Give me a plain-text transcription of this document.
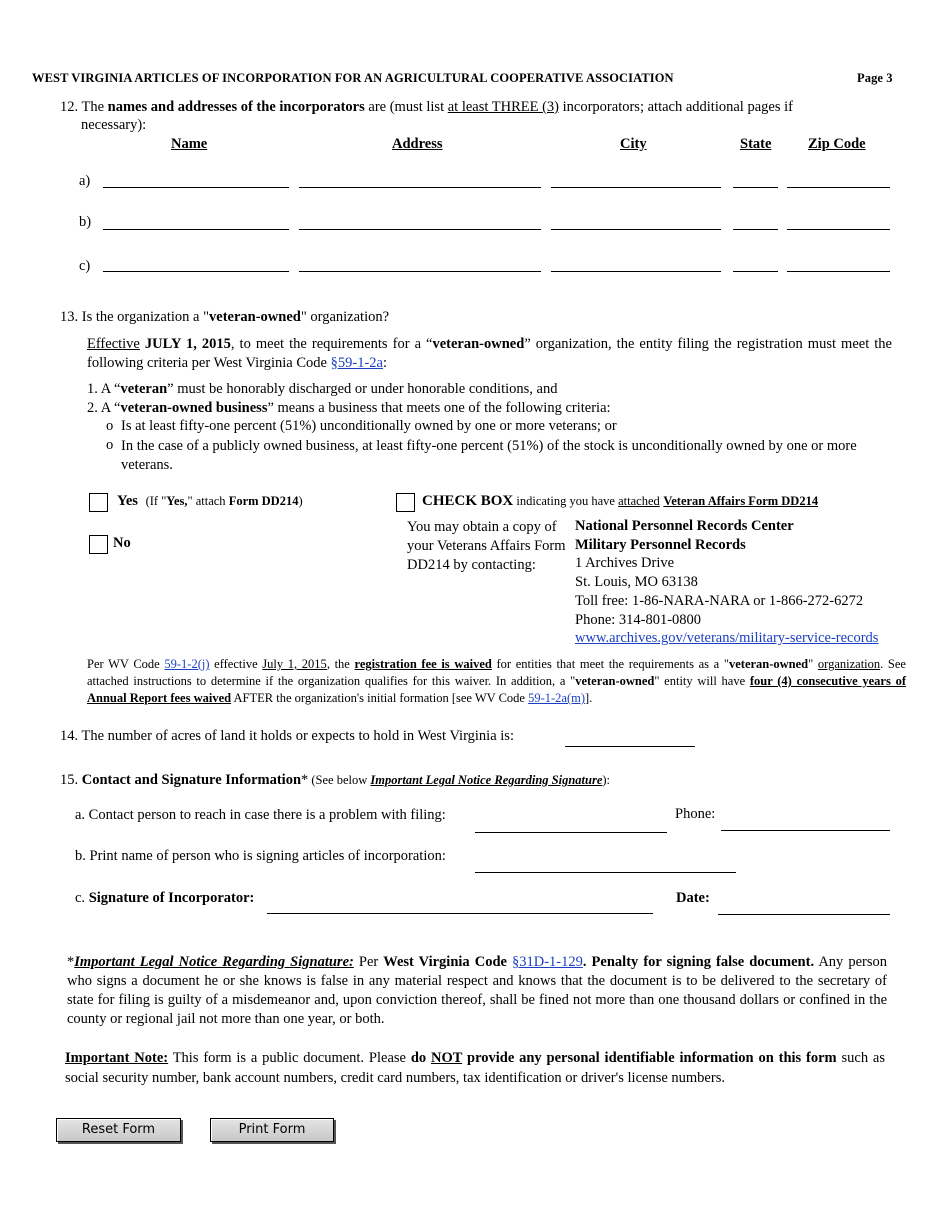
WEST VIRGINIA ARTICLES OF INCORPORATION FOR AN AGRICULTURAL COOPERATIVE ASSOCIATION	Page 3
12. The names and addresses of the incorporators are (must list at least THREE (3) incorporators; attach additional pages if
necessary):
Name	Address	City	State	Zip Code
a)
b)
c)
13. Is the organization a "veteran-owned" organization?
Effective JULY 1, 2015, to meet the requirements for a “veteran-owned” organization, the entity filing the registration must meet the following criteria per West Virginia Code §59-1-2a:
1. A “veteran” must be honorably discharged or under honorable conditions, and
2. A “veteran-owned business” means a business that meets one of the following criteria:
o Is at least fifty-one percent (51%) unconditionally owned by one or more veterans; or
o In the case of a publicly owned business, at least fifty-one percent (51%) of the stock is unconditionally owned by one or more veterans.
Yes (If "Yes," attach Form DD214)
No
CHECK BOX indicating you have attached Veteran Affairs Form DD214
You may obtain a copy of your Veterans Affairs Form DD214 by contacting:
National Personnel Records Center
Military Personnel Records
1 Archives Drive
St. Louis, MO 63138
Toll free: 1-86-NARA-NARA or 1-866-272-6272
Phone: 314-801-0800
www.archives.gov/veterans/military-service-records
Per WV Code 59-1-2(j) effective July 1, 2015, the registration fee is waived for entities that meet the requirements as a "veteran-owned" organization. See attached instructions to determine if the organization qualifies for this waiver. In addition, a "veteran-owned" entity will have four (4) consecutive years of Annual Report fees waived AFTER the organization's initial formation [see WV Code 59-1-2a(m)].
14. The number of acres of land it holds or expects to hold in West Virginia is:
15. Contact and Signature Information* (See below Important Legal Notice Regarding Signature):
a. Contact person to reach in case there is a problem with filing:	Phone:
b. Print name of person who is signing articles of incorporation:
c. Signature of Incorporator:	Date:
*Important Legal Notice Regarding Signature: Per West Virginia Code §31D-1-129. Penalty for signing false document. Any person who signs a document he or she knows is false in any material respect and knows that the document is to be delivered to the secretary of state for filing is guilty of a misdemeanor and, upon conviction thereof, shall be fined not more than one thousand dollars or confined in the county or regional jail not more than one year, or both.
Important Note: This form is a public document. Please do NOT provide any personal identifiable information on this form such as social security number, bank account numbers, credit card numbers, tax identification or driver's license numbers.
Reset Form	Print Form
